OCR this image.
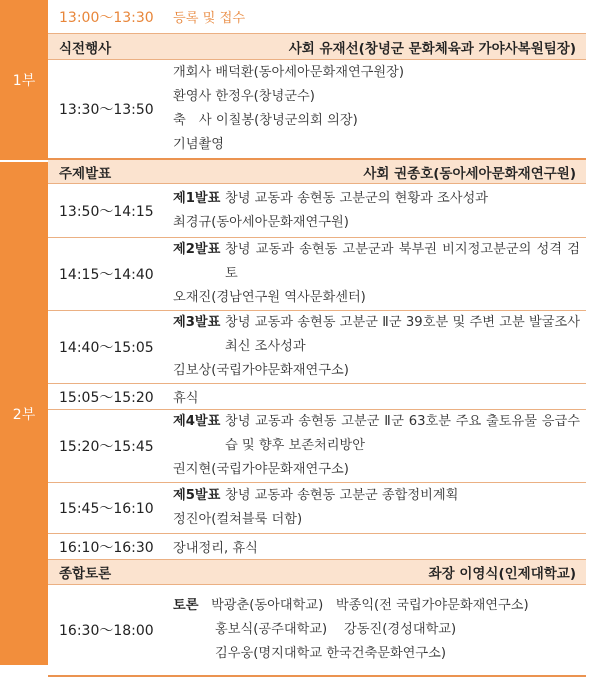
1부
2부
13:00～13:30	등록 및 접수
식전행사	사회 유재선(창녕군 문화체육과 가야사복원팀장)
13:30～13:50
개회사 배덕환(동아세아문화재연구원장)
환영사 한정우(창녕군수)
축　사 이칠봉(창녕군의회 의장)
기념촬영
주제발표	사회 권종호(동아세아문화재연구원)
13:50～14:15
제1발표 창녕 교동과 송현동 고분군의 현황과 조사성과
최경규(동아세아문화재연구원)
14:15～14:40
제2발표 창녕 교동과 송현동 고분군과 북부권 비지정고분군의 성격 검토
오재진(경남연구원 역사문화센터)
14:40～15:05
제3발표 창녕 교동과 송현동 고분군 Ⅱ군 39호분 및 주변 고분 발굴조사 최신 조사성과
김보상(국립가야문화재연구소)
15:05～15:20	휴식
15:20～15:45
제4발표 창녕 교동과 송현동 고분군 Ⅱ군 63호분 주요 출토유물 응급수습 및 향후 보존처리방안
권지현(국립가야문화재연구소)
15:45～16:10
제5발표 창녕 교동과 송현동 고분군 종합정비계획
정진아(컬쳐블룩 더함)
16:10～16:30	장내정리, 휴식
종합토론	좌장 이영식(인제대학교)
16:30～18:00
토론 박광춘(동아대학교) 박종익(전 국립가야문화재연구소)
홍보식(공주대학교) 강동진(경성대학교)
김우웅(명지대학교 한국건축문화연구소)
